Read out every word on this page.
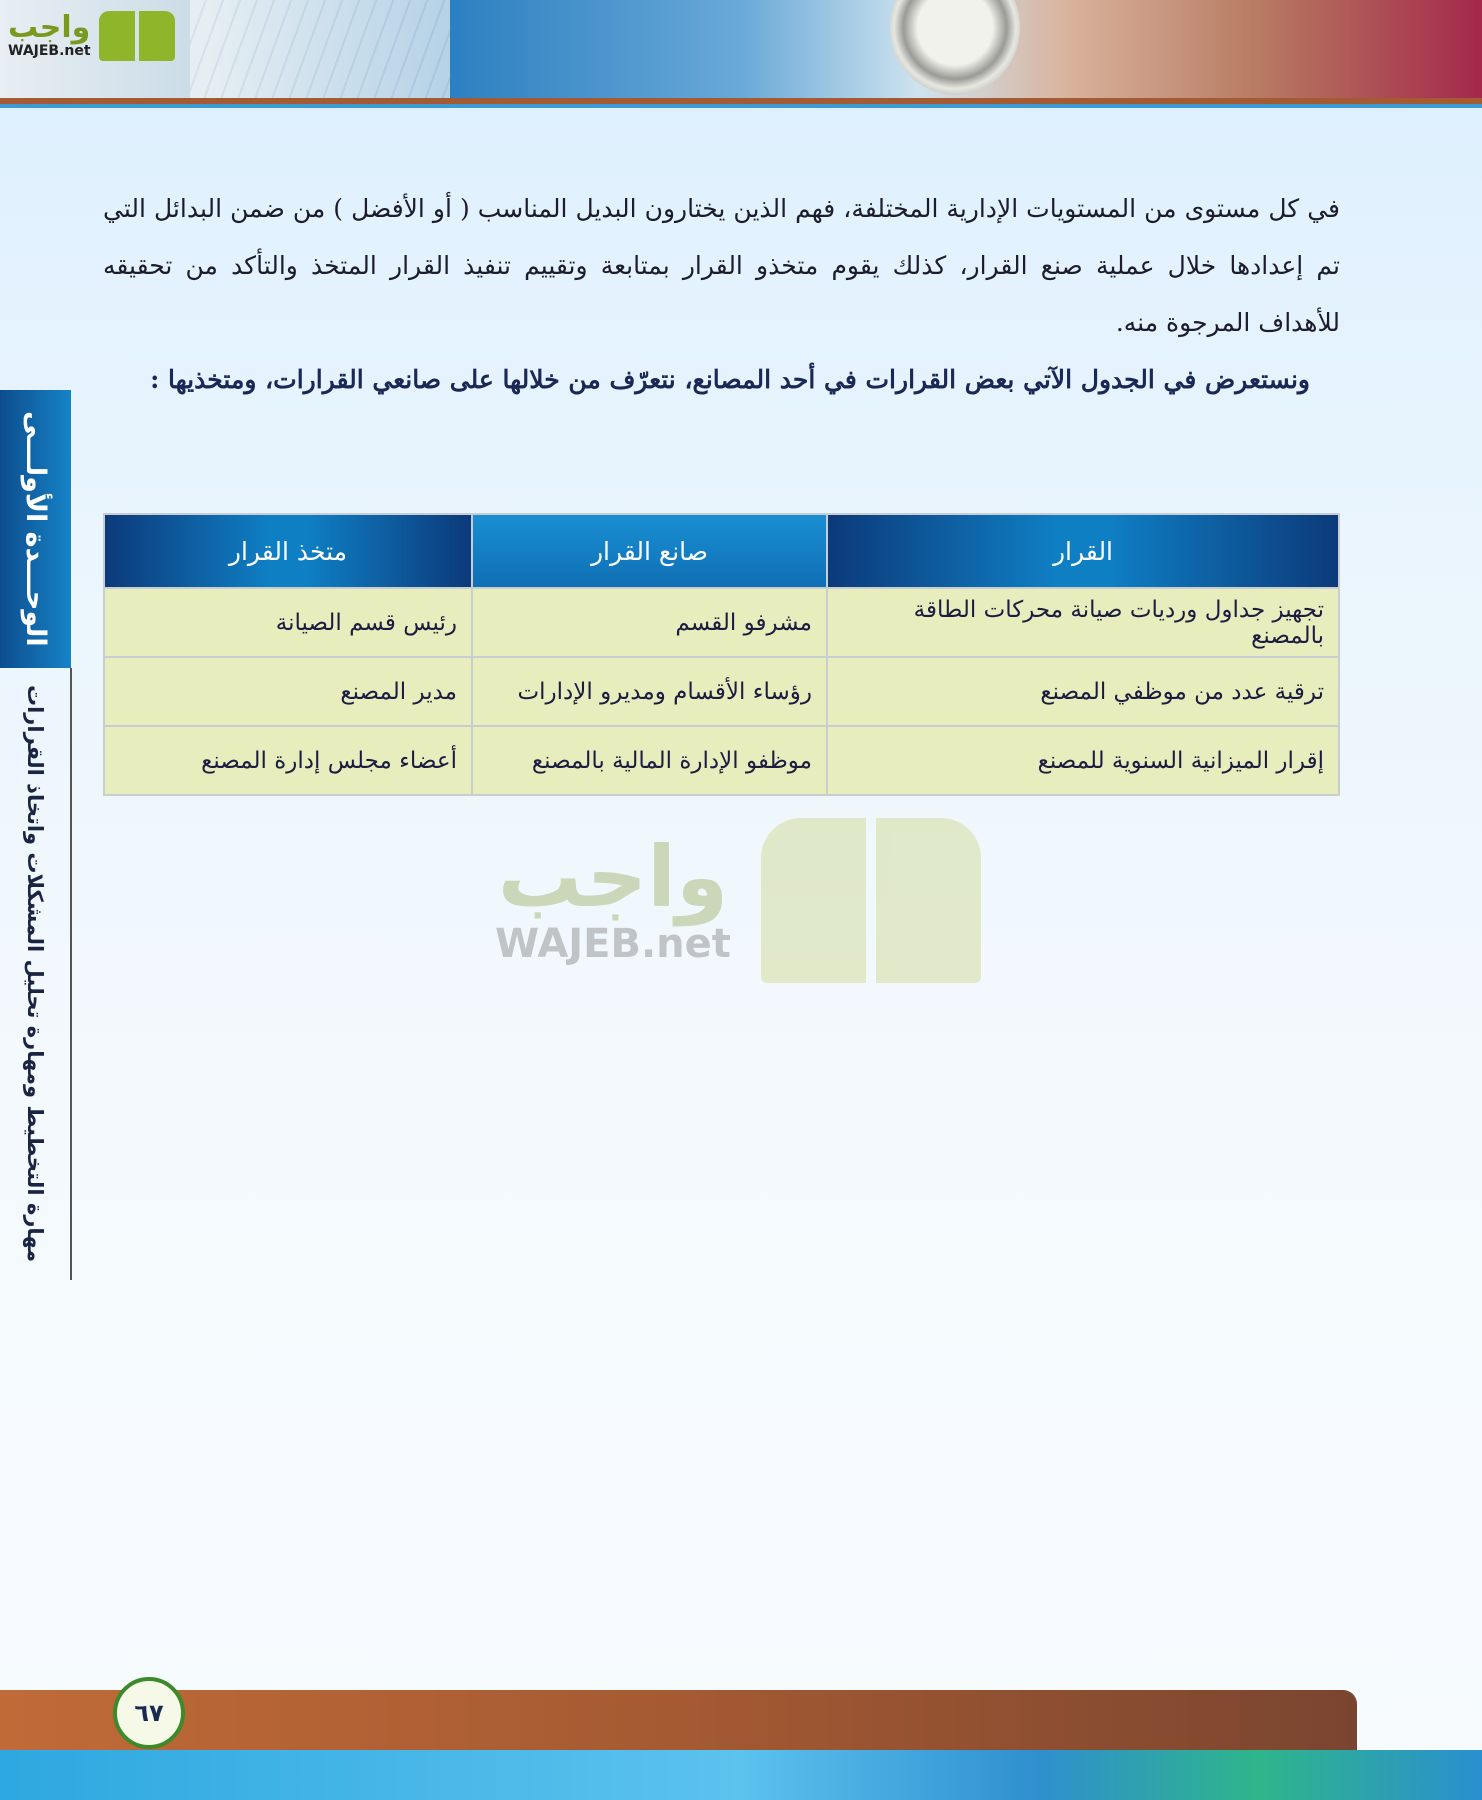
واجب
WAJEB.net

في كل مستوى من المستويات الإدارية المختلفة، فهم الذين يختارون البديل المناسب ( أو الأفضل ) من ضمن البدائل التي تم إعدادها خلال عملية صنع القرار، كذلك يقوم متخذو القرار بمتابعة وتقييم تنفيذ القرار المتخذ والتأكد من تحقيقه للأهداف المرجوة منه.

ونستعرض في الجدول الآتي بعض القرارات في أحد المصانع، نتعرّف من خلالها على صانعي القرارات، ومتخذيها :

القرار	صانع القرار	متخذ القرار
تجهيز جداول ورديات صيانة محركات الطاقة بالمصنع	مشرفو القسم	رئيس قسم الصيانة
ترقية عدد من موظفي المصنع	رؤساء الأقسام ومديرو الإدارات	مدير المصنع
إقرار الميزانية السنوية للمصنع	موظفو الإدارة المالية بالمصنع	أعضاء مجلس إدارة المصنع
الوحـــدة الأولـــى
مهارة التخطيط ومهارة تحليل المشكلات واتخاذ القرارات	واجب
WAJEB.net
٦٧
